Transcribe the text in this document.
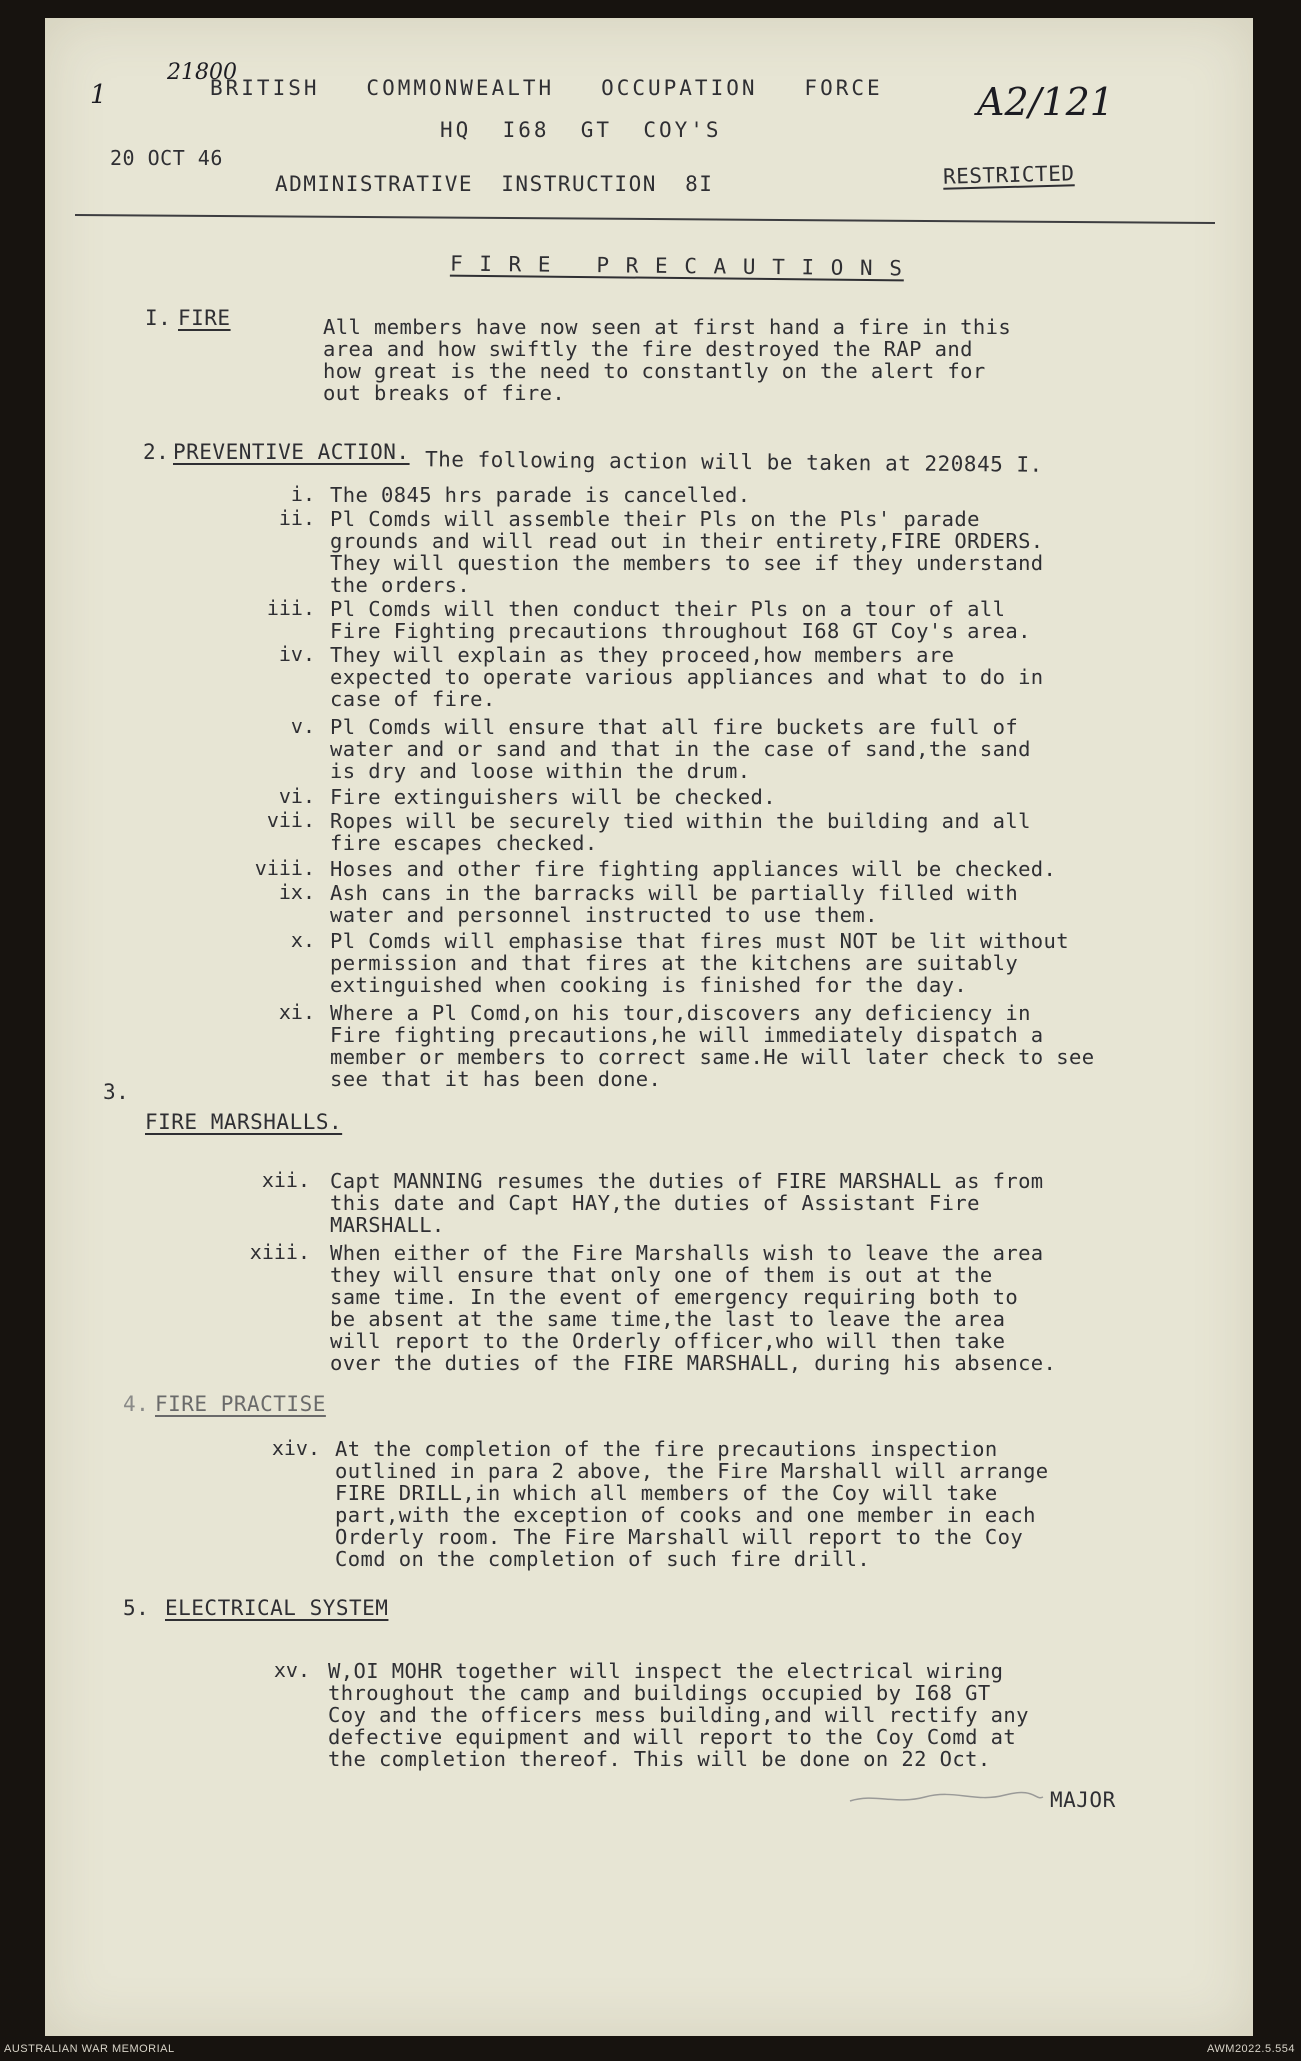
1
21800
A2/121
BRITISH   COMMONWEALTH   OCCUPATION   FORCE
HQ  I68  GT  COY'S
20 OCT 46
ADMINISTRATIVE  INSTRUCTION  8I	RESTRICTED
F I R E   P R E C A U T I O N S
I. FIRE	All members have now seen at first hand a fire in this
area and how swiftly the fire destroyed the RAP and
how great is the need to constantly on the alert for
out breaks of fire.
2. PREVENTIVE ACTION. The following action will be taken at 220845 I.
i. The 0845 hrs parade is cancelled.
ii. Pl Comds will assemble their Pls on the Pls' parade
grounds and will read out in their entirety,FIRE ORDERS.
They will question the members to see if they understand
the orders.
iii. Pl Comds will then conduct their Pls on a tour of all
Fire Fighting precautions throughout I68 GT Coy's area.
iv. They will explain as they proceed,how members are
expected to operate various appliances and what to do in
case of fire.
v. Pl Comds will ensure that all fire buckets are full of
water and or sand and that in the case of sand,the sand
is dry and loose within the drum.
vi. Fire extinguishers will be checked.
vii. Ropes will be securely tied within the building and all
fire escapes checked.
viii. Hoses and other fire fighting appliances will be checked.
ix. Ash cans in the barracks will be partially filled with
water and personnel instructed to use them.
x. Pl Comds will emphasise that fires must NOT be lit without
permission and that fires at the kitchens are suitably
extinguished when cooking is finished for the day.
xi. Where a Pl Comd,on his tour,discovers any deficiency in
Fire fighting precautions,he will immediately dispatch a
member or members to correct same.He will later check to see
see that it has been done.
3.
FIRE MARSHALLS.
xii. Capt MANNING resumes the duties of FIRE MARSHALL as from
this date and Capt HAY,the duties of Assistant Fire
MARSHALL.
xiii. When either of the Fire Marshalls wish to leave the area
they will ensure that only one of them is out at the
same time. In the event of emergency requiring both to
be absent at the same time,the last to leave the area
will report to the Orderly officer,who will then take
over the duties of the FIRE MARSHALL, during his absence.
4. FIRE PRACTISE
xiv. At the completion of the fire precautions inspection
outlined in para 2 above, the Fire Marshall will arrange
FIRE DRILL,in which all members of the Coy will take
part,with the exception of cooks and one member in each
Orderly room. The Fire Marshall will report to the Coy
Comd on the completion of such fire drill.
5. ELECTRICAL SYSTEM
xv. W,OI MOHR together will inspect the electrical wiring
throughout the camp and buildings occupied by I68 GT
Coy and the officers mess building,and will rectify any
defective equipment and will report to the Coy Comd at
the completion thereof. This will be done on 22 Oct.
MAJOR
AUSTRALIAN WAR MEMORIAL	AWM2022.5.554
